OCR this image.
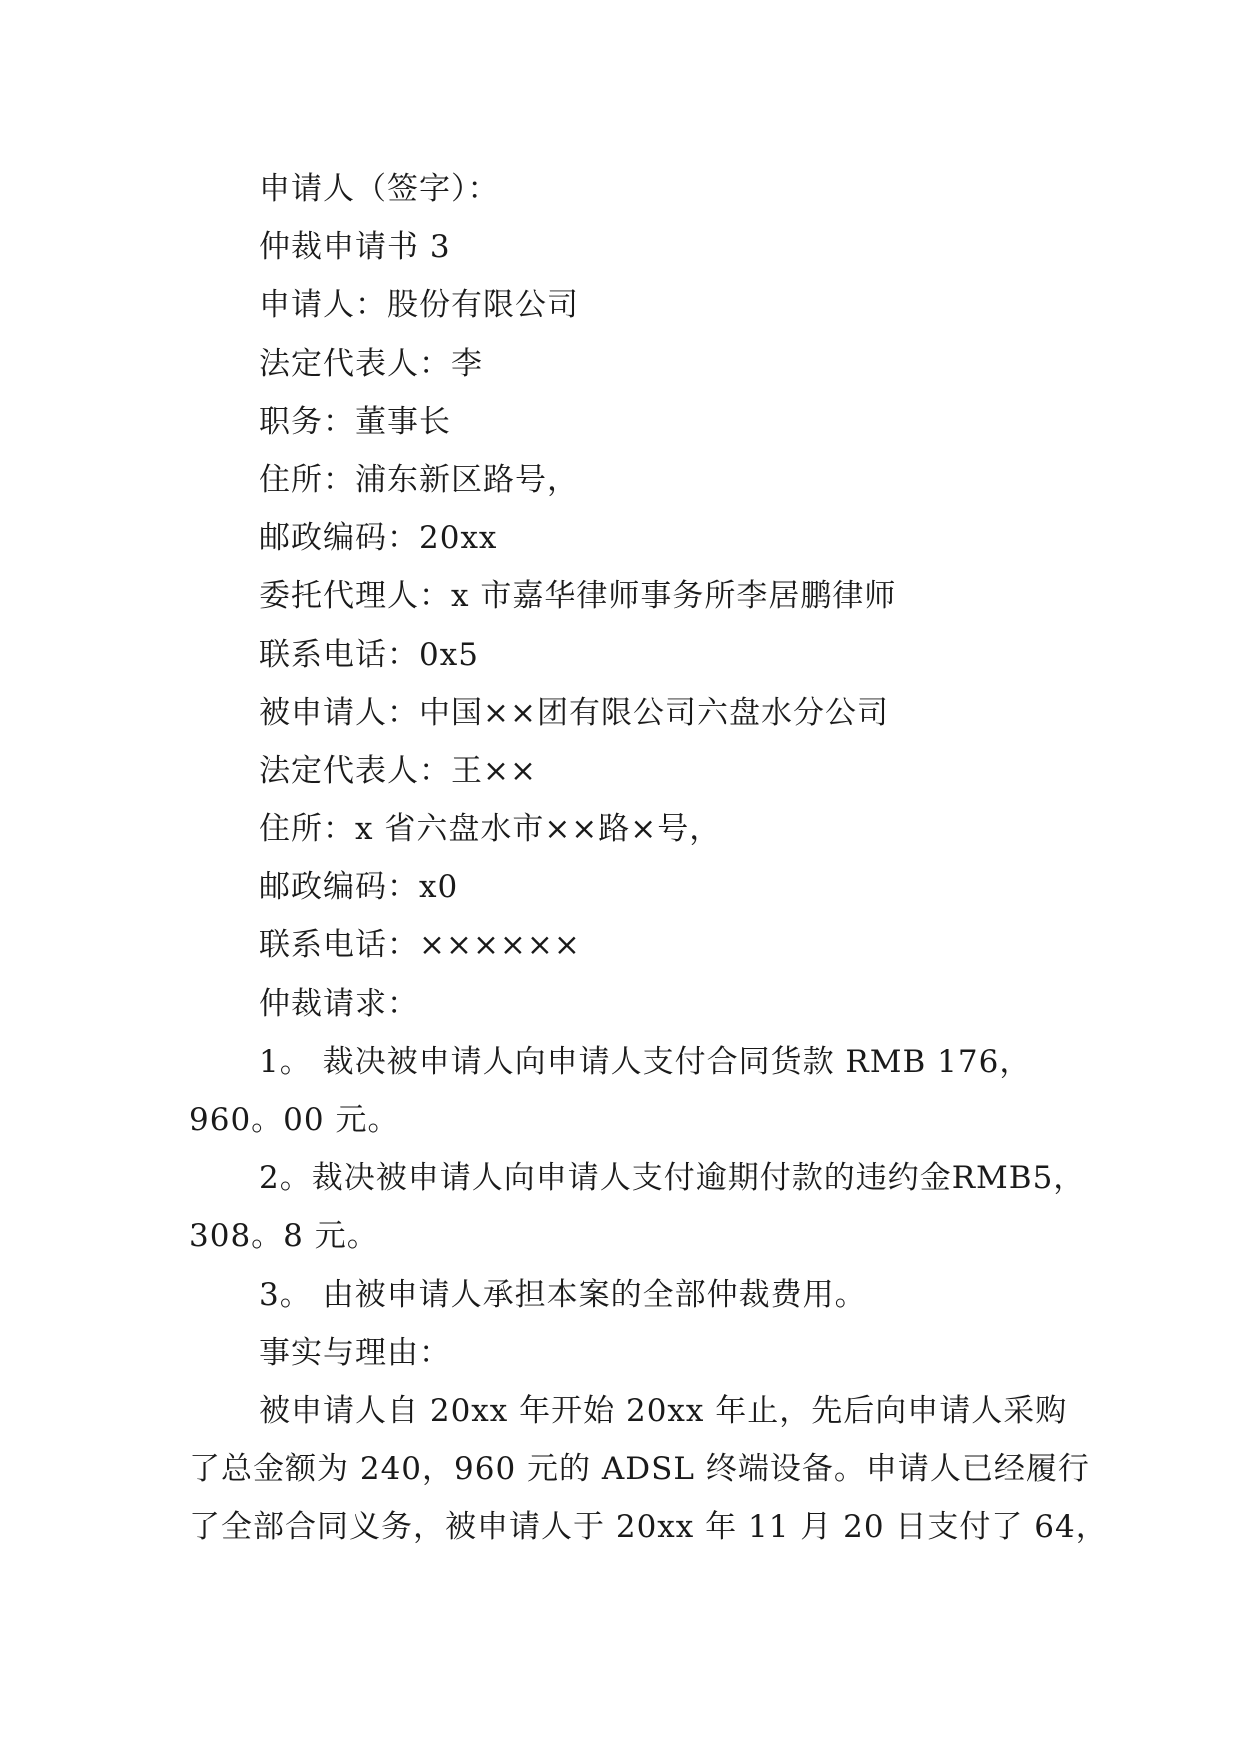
申请人（签字）：
仲裁申请书 3
申请人：股份有限公司
法定代表人：李
职务：董事长
住所：浦东新区路号，
邮政编码：20xx
委托代理人：x 市嘉华律师事务所李居鹏律师
联系电话：0x5
被申请人：中国××团有限公司六盘水分公司
法定代表人：王××
住所：x 省六盘水市××路×号，
邮政编码：x0
联系电话：××××××
仲裁请求：
1。 裁决被申请人向申请人支付合同货款 RMB 176，
960。00 元。
2。裁决被申请人向申请人支付逾期付款的违约金RMB5，
308。8 元。
3。 由被申请人承担本案的全部仲裁费用。
事实与理由：
被申请人自 20xx 年开始 20xx 年止，先后向申请人采购
了总金额为 240，960 元的 ADSL 终端设备。申请人已经履行
了全部合同义务，被申请人于 20xx 年 11 月 20 日支付了 64，
